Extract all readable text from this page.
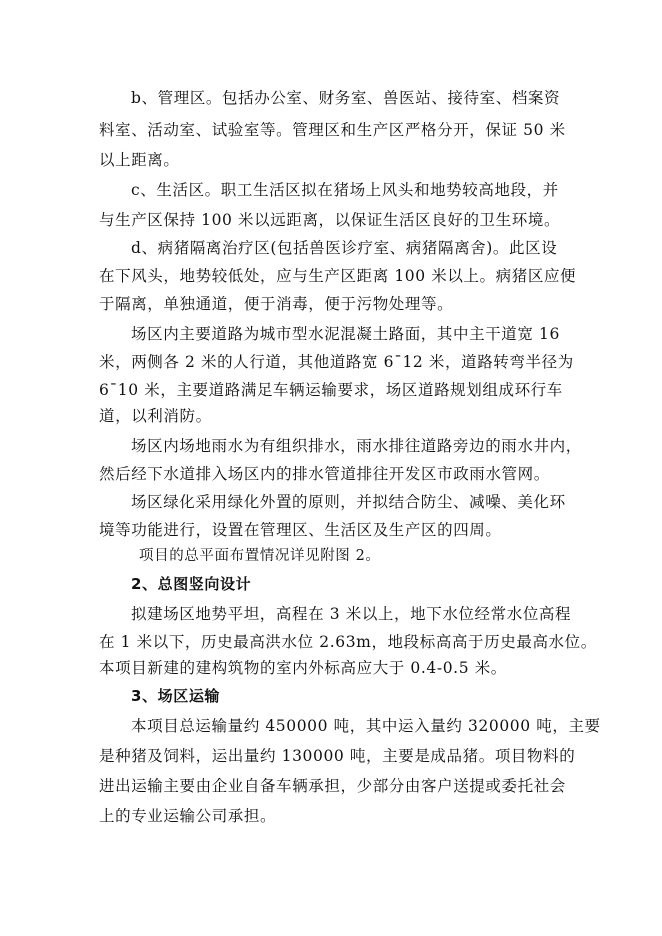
b、管理区。包括办公室、财务室、兽医站、接待室、档案资
料室、活动室、试验室等。管理区和生产区严格分开，保证 50 米
以上距离。
c、生活区。职工生活区拟在猪场上风头和地势较高地段，并
与生产区保持 100 米以远距离，以保证生活区良好的卫生环境。
d、病猪隔离治疗区(包括兽医诊疗室、病猪隔离舍)。此区设
在下风头，地势较低处，应与生产区距离 100 米以上。病猪区应便
于隔离，单独通道，便于消毒，便于污物处理等。
场区内主要道路为城市型水泥混凝土路面，其中主干道宽 16
米，两侧各 2 米的人行道，其他道路宽 6¯12 米，道路转弯半径为
6¯10 米，主要道路满足车辆运输要求，场区道路规划组成环行车
道，以利消防。
场区内场地雨水为有组织排水，雨水排往道路旁边的雨水井内，
然后经下水道排入场区内的排水管道排往开发区市政雨水管网。
场区绿化采用绿化外置的原则，并拟结合防尘、减噪、美化环
境等功能进行，设置在管理区、生活区及生产区的四周。
项目的总平面布置情况详见附图 2。
2、总图竖向设计
拟建场区地势平坦，高程在 3 米以上，地下水位经常水位高程
在 1 米以下，历史最高洪水位 2.63m，地段标高高于历史最高水位。
本项目新建的建构筑物的室内外标高应大于 0.4-0.5 米。
3、场区运输
本项目总运输量约 450000 吨，其中运入量约 320000 吨，主要
是种猪及饲料，运出量约 130000 吨，主要是成品猪。项目物料的
进出运输主要由企业自备车辆承担，少部分由客户送提或委托社会
上的专业运输公司承担。
